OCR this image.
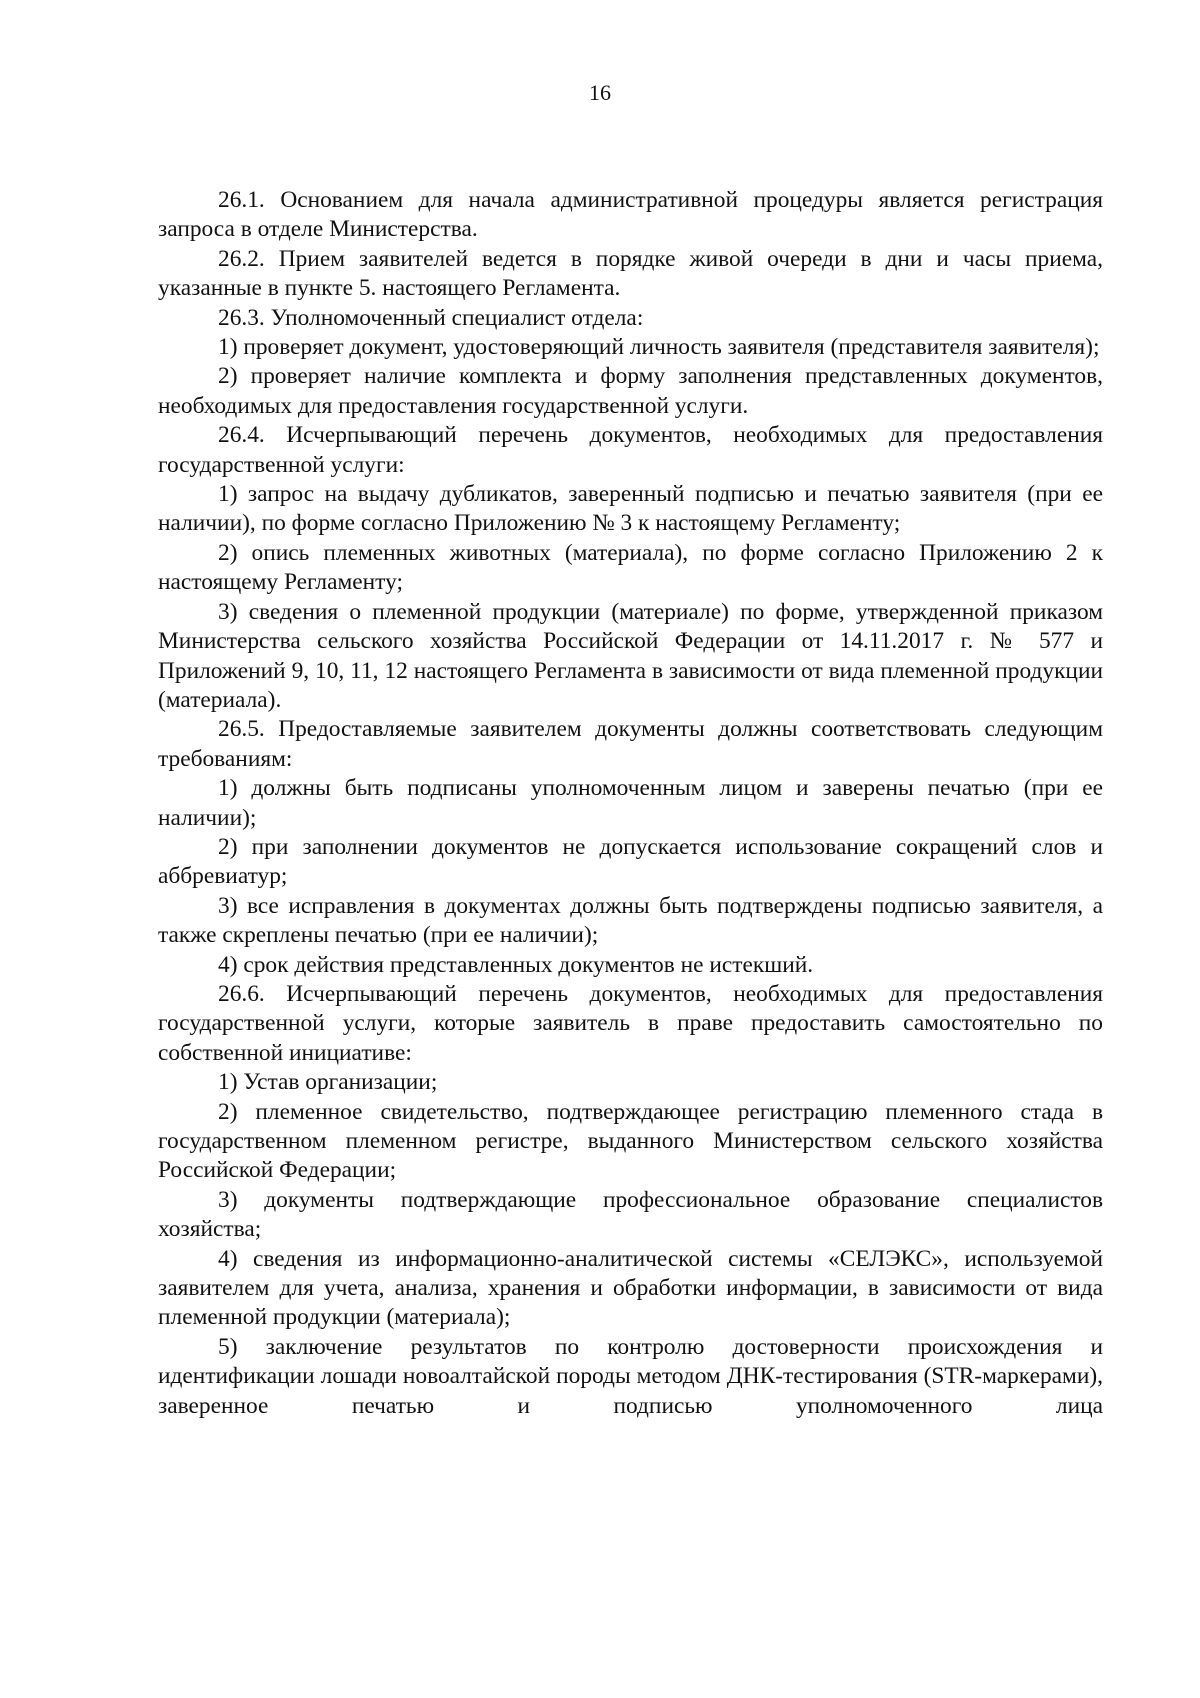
16

26.1. Основанием для начала административной процедуры является регистрация запроса в отделе Министерства.

26.2. Прием заявителей ведется в порядке живой очереди в дни и часы приема, указанные в пункте 5. настоящего Регламента.

26.3. Уполномоченный специалист отдела:

1) проверяет документ, удостоверяющий личность заявителя (представителя заявителя);

2) проверяет наличие комплекта и форму заполнения представленных документов, необходимых для предоставления государственной услуги.

26.4. Исчерпывающий перечень документов, необходимых для предоставления государственной услуги:

1) запрос на выдачу дубликатов, заверенный подписью и печатью заявителя (при ее наличии), по форме согласно Приложению № 3 к настоящему Регламенту;

2) опись племенных животных (материала), по форме согласно Приложению 2 к настоящему Регламенту;

3) сведения о племенной продукции (материале) по форме, утвержденной приказом Министерства сельского хозяйства Российской Федерации от 14.11.2017 г. № 577 и Приложений 9, 10, 11, 12 настоящего Регламента в зависимости от вида племенной продукции (материала).

26.5. Предоставляемые заявителем документы должны соответствовать следующим требованиям:

1) должны быть подписаны уполномоченным лицом и заверены печатью (при ее наличии);

2) при заполнении документов не допускается использование сокращений слов и аббревиатур;

3) все исправления в документах должны быть подтверждены подписью заявителя, а также скреплены печатью (при ее наличии);

4) срок действия представленных документов не истекший.

26.6. Исчерпывающий перечень документов, необходимых для предоставления государственной услуги, которые заявитель в праве предоставить самостоятельно по собственной инициативе:

1) Устав организации;

2) племенное свидетельство, подтверждающее регистрацию племенного стада в государственном племенном регистре, выданного Министерством сельского хозяйства Российской Федерации;

3) документы подтверждающие профессиональное образование специалистов хозяйства;

4) сведения из информационно-аналитической системы «СЕЛЭКС», используемой заявителем для учета, анализа, хранения и обработки информации, в зависимости от вида племенной продукции (материала);

5) заключение результатов по контролю достоверности происхождения и идентификации лошади новоалтайской породы методом ДНК-тестирования (STR-маркерами), заверенное печатью и подписью уполномоченного лица
